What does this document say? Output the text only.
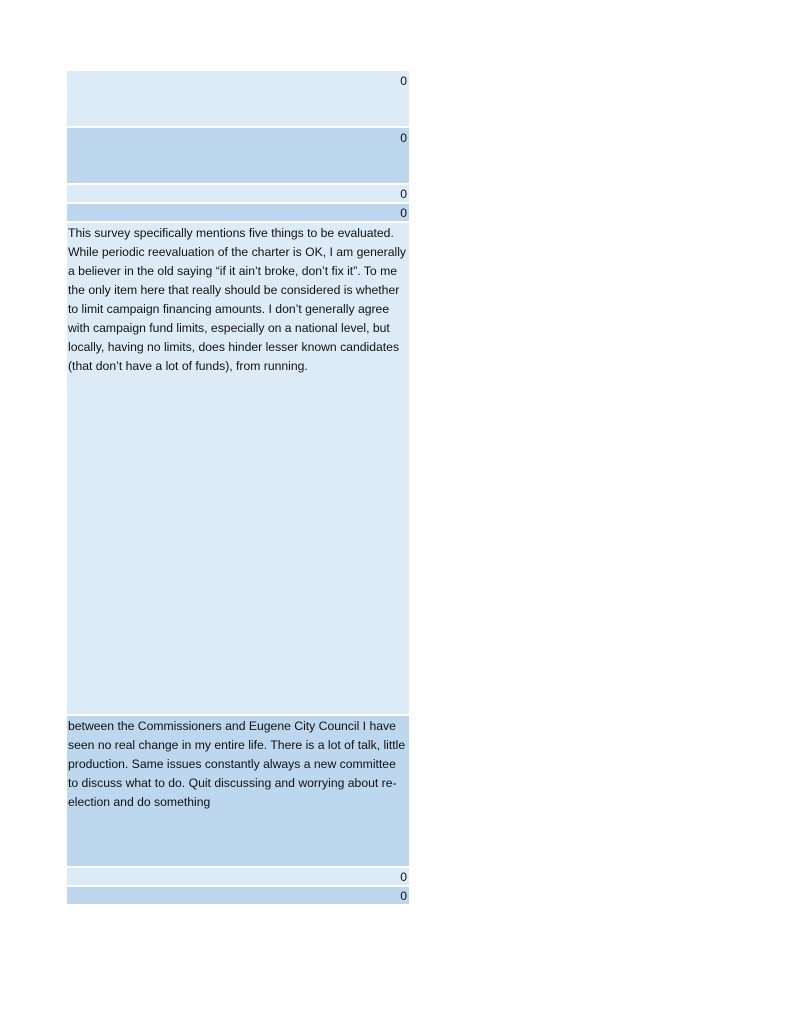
0
0
0
0
This survey specifically mentions five things to be evaluated. While periodic reevaluation of the charter is OK, I am generally a believer in the old saying “if it ain’t broke, don’t fix it”. To me the only item here that really should be considered is whether to limit campaign financing amounts. I don’t generally agree with campaign fund limits, especially on a national level, but locally, having no limits, does hinder lesser known candidates (that don’t have a lot of funds), from running.
between the Commissioners and Eugene City Council I have seen no real change in my entire life. There is a lot of talk, little production. Same issues constantly always a new committee to discuss what to do. Quit discussing and worrying about re-election and do something
0
0
